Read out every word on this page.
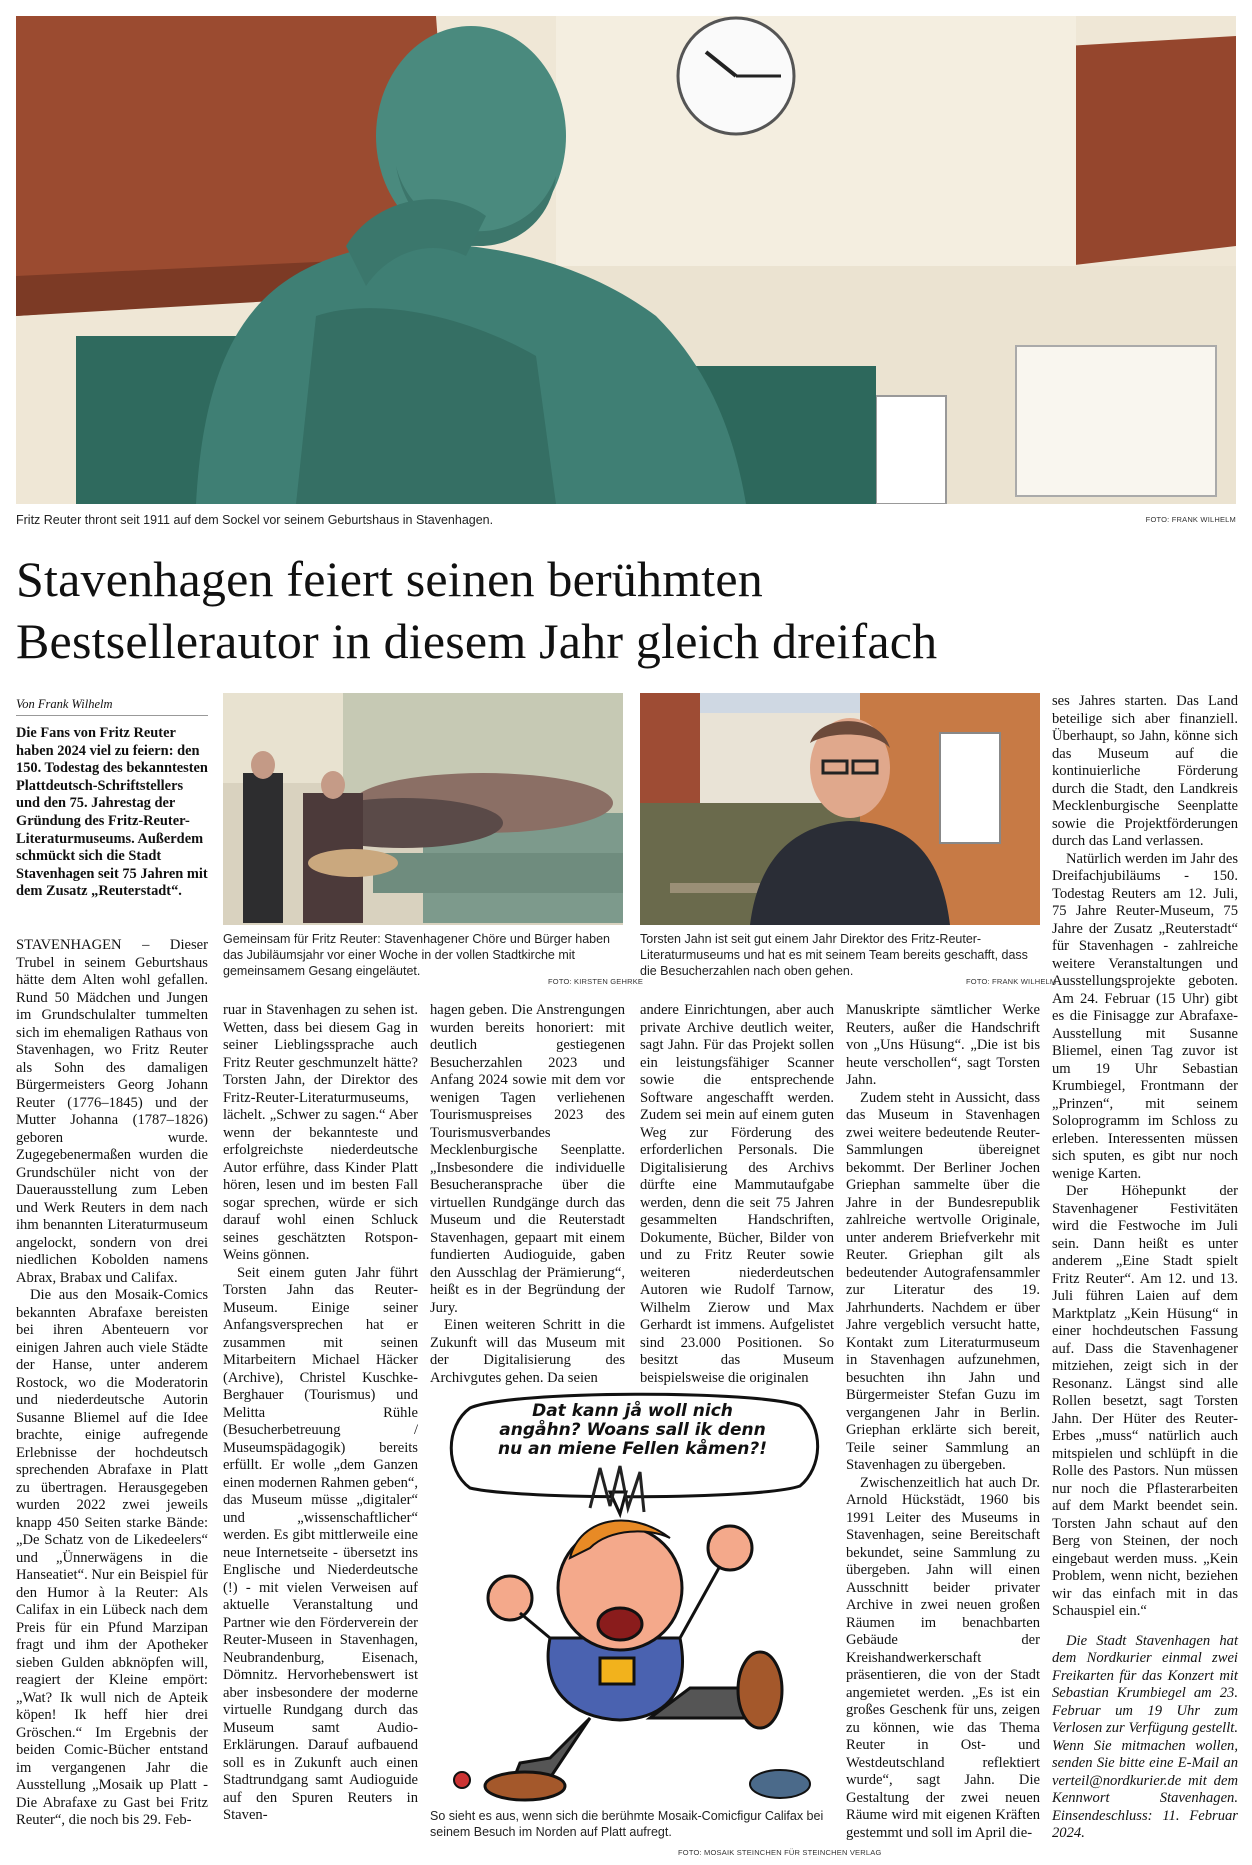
Fritz Reuter thront seit 1911 auf dem Sockel vor seinem Geburtshaus in Stavenhagen.	FOTO: FRANK WILHELM
Stavenhagen feiert seinen berühmten
Bestsellerautor in diesem Jahr gleich dreifach
Von Frank Wilhelm
Die Fans von Fritz Reuter haben 2024 viel zu feiern: den 150. Todestag des bekanntesten Plattdeutsch-Schriftstellers und den 75. Jahrestag der Gründung des Fritz-Reuter-Literaturmuseums. Außerdem schmückt sich die Stadt Stavenhagen seit 75 Jahren mit dem Zusatz „Reuterstadt“.
Gemeinsam für Fritz Reuter: Stavenhagener Chöre und Bürger haben das Jubiläumsjahr vor einer Woche in der vollen Stadtkirche mit gemeinsamem Gesang eingeläutet.
FOTO: KIRSTEN GEHRKE
Torsten Jahn ist seit gut einem Jahr Direktor des Fritz-Reuter-Literaturmuseums und hat es mit seinem Team bereits geschafft, dass die Besucherzahlen nach oben gehen.
FOTO: FRANK WILHELM

STAVENHAGEN – Dieser Trubel in seinem Geburtshaus hätte dem Alten wohl gefallen. Rund 50 Mädchen und Jungen im Grundschulalter tummelten sich im ehemaligen Rathaus von Stavenhagen, wo Fritz Reuter als Sohn des damaligen Bürgermeisters Georg Johann Reuter (1776–1845) und der Mutter Johanna (1787–1826) geboren wurde. Zugegebenermaßen wurden die Grundschüler nicht von der Dauerausstellung zum Leben und Werk Reuters in dem nach ihm benannten Literaturmuseum angelockt, sondern von drei niedlichen Kobolden namens Abrax, Brabax und Califax.

Die aus den Mosaik-Comics bekannten Abrafaxe bereisten bei ihren Abenteuern vor einigen Jahren auch viele Städte der Hanse, unter anderem Rostock, wo die Moderatorin und niederdeutsche Autorin Susanne Bliemel auf die Idee brachte, einige aufregende Erlebnisse der hochdeutsch sprechenden Abrafaxe in Platt zu übertragen. Herausgegeben wurden 2022 zwei jeweils knapp 450 Seiten starke Bände: „De Schatz von de Likedeelers“ und „Ünnerwägens in die Hanseatiet“. Nur ein Beispiel für den Humor à la Reuter: Als Califax in ein Lübeck nach dem Preis für ein Pfund Marzipan fragt und ihm der Apotheker sieben Gulden abknöpfen will, reagiert der Kleine empört: „Wat? Ik wull nich de Apteik köpen! Ik heff hier drei Gröschen.“ Im Ergebnis der beiden Comic-Bücher entstand im vergangenen Jahr die Ausstellung „Mosaik up Platt - Die Abrafaxe zu Gast bei Fritz Reuter“, die noch bis 29. Feb-

ruar in Stavenhagen zu sehen ist. Wetten, dass bei diesem Gag in seiner Lieblingssprache auch Fritz Reuter geschmunzelt hätte? Torsten Jahn, der Direktor des Fritz-Reuter-Literaturmuseums, lächelt. „Schwer zu sagen.“ Aber wenn der bekannteste und erfolgreichste niederdeutsche Autor erführe, dass Kinder Platt hören, lesen und im besten Fall sogar sprechen, würde er sich darauf wohl einen Schluck seines geschätzten Rotspon-Weins gönnen.

Seit einem guten Jahr führt Torsten Jahn das Reuter-Museum. Einige seiner Anfangsversprechen hat er zusammen mit seinen Mitarbeitern Michael Häcker (Archive), Christel Kuschke-Berghauer (Tourismus) und Melitta Rühle (Besucherbetreuung / Museumspädagogik) bereits erfüllt. Er wolle „dem Ganzen einen modernen Rahmen geben“, das Museum müsse „digitaler“ und „wissenschaftlicher“ werden. Es gibt mittlerweile eine neue Internetseite - übersetzt ins Englische und Niederdeutsche (!) - mit vielen Verweisen auf aktuelle Veranstaltung und Partner wie den Förderverein der Reuter-Museen in Stavenhagen, Neubrandenburg, Eisenach, Dömnitz. Hervorhebenswert ist aber insbesondere der moderne virtuelle Rundgang durch das Museum samt Audio-Erklärungen. Darauf aufbauend soll es in Zukunft auch einen Stadtrundgang samt Audioguide auf den Spuren Reuters in Staven-

hagen geben. Die Anstrengungen wurden bereits honoriert: mit deutlich gestiegenen Besucherzahlen 2023 und Anfang 2024 sowie mit dem vor wenigen Tagen verliehenen Tourismuspreises 2023 des Tourismusverbandes Mecklenburgische Seenplatte. „Insbesondere die individuelle Besucheransprache über die virtuellen Rundgänge durch das Museum und die Reuterstadt Stavenhagen, gepaart mit einem fundierten Audioguide, gaben den Ausschlag der Prämierung“, heißt es in der Begründung der Jury.

Einen weiteren Schritt in die Zukunft will das Museum mit der Digitalisierung des Archivgutes gehen. Da seien

andere Einrichtungen, aber auch private Archive deutlich weiter, sagt Jahn. Für das Projekt sollen ein leistungsfähiger Scanner sowie die entsprechende Software angeschafft werden. Zudem sei mein auf einem guten Weg zur Förderung des erforderlichen Personals. Die Digitalisierung des Archivs dürfte eine Mammutaufgabe werden, denn die seit 75 Jahren gesammelten Handschriften, Dokumente, Bücher, Bilder von und zu Fritz Reuter sowie weiteren niederdeutschen Autoren wie Rudolf Tarnow, Wilhelm Zierow und Max Gerhardt ist immens. Aufgelistet sind 23.000 Positionen. So besitzt das Museum beispielsweise die originalen

Manuskripte sämtlicher Werke Reuters, außer die Handschrift von „Uns Hüsung“. „Die ist bis heute verschollen“, sagt Torsten Jahn.

Zudem steht in Aussicht, dass das Museum in Stavenhagen zwei weitere bedeutende Reuter-Sammlungen übereignet bekommt. Der Berliner Jochen Griephan sammelte über die Jahre in der Bundesrepublik zahlreiche wertvolle Originale, unter anderem Briefverkehr mit Reuter. Griephan gilt als bedeutender Autografensammler zur Literatur des 19. Jahrhunderts. Nachdem er über Jahre vergeblich versucht hatte, Kontakt zum Literaturmuseum in Stavenhagen aufzunehmen, besuchten ihn Jahn und Bürgermeister Stefan Guzu im vergangenen Jahr in Berlin. Griephan erklärte sich bereit, Teile seiner Sammlung an Stavenhagen zu übergeben.

Zwischenzeitlich hat auch Dr. Arnold Hückstädt, 1960 bis 1991 Leiter des Museums in Stavenhagen, seine Bereitschaft bekundet, seine Sammlung zu übergeben. Jahn will einen Ausschnitt beider privater Archive in zwei neuen großen Räumen im benachbarten Gebäude der Kreishandwerkerschaft präsentieren, die von der Stadt angemietet werden. „Es ist ein großes Geschenk für uns, zeigen zu können, wie das Thema Reuter in Ost- und Westdeutschland reflektiert wurde“, sagt Jahn. Die Gestaltung der zwei neuen Räume wird mit eigenen Kräften gestemmt und soll im April die-

ses Jahres starten. Das Land beteilige sich aber finanziell. Überhaupt, so Jahn, könne sich das Museum auf die kontinuierliche Förderung durch die Stadt, den Landkreis Mecklenburgische Seenplatte sowie die Projektförderungen durch das Land verlassen.

Natürlich werden im Jahr des Dreifachjubiläums - 150. Todestag Reuters am 12. Juli, 75 Jahre Reuter-Museum, 75 Jahre der Zusatz „Reuterstadt“ für Stavenhagen - zahlreiche weitere Veranstaltungen und Ausstellungsprojekte geboten. Am 24. Februar (15 Uhr) gibt es die Finisagge zur Abrafaxe-Ausstellung mit Susanne Bliemel, einen Tag zuvor ist um 19 Uhr Sebastian Krumbiegel, Frontmann der „Prinzen“, mit seinem Soloprogramm im Schloss zu erleben. Interessenten müssen sich sputen, es gibt nur noch wenige Karten.

Der Höhepunkt der Stavenhagener Festivitäten wird die Festwoche im Juli sein. Dann heißt es unter anderem „Eine Stadt spielt Fritz Reuter“. Am 12. und 13. Juli führen Laien auf dem Marktplatz „Kein Hüsung“ in einer hochdeutschen Fassung auf. Dass die Stavenhagener mitziehen, zeigt sich in der Resonanz. Längst sind alle Rollen besetzt, sagt Torsten Jahn. Der Hüter des Reuter-Erbes „muss“ natürlich auch mitspielen und schlüpft in die Rolle des Pastors. Nun müssen nur noch die Pflasterarbeiten auf dem Markt beendet sein. Torsten Jahn schaut auf den Berg von Steinen, der noch eingebaut werden muss. „Kein Problem, wenn nicht, beziehen wir das einfach mit in das Schauspiel ein.“

Die Stadt Stavenhagen hat dem Nordkurier einmal zwei Freikarten für das Konzert mit Sebastian Krumbiegel am 23. Februar um 19 Uhr zum Verlosen zur Verfügung gestellt. Wenn Sie mitmachen wollen, senden Sie bitte eine E-Mail an verteil@nordkurier.de mit dem Kennwort Stavenhagen. Einsendeschluss: 11. Februar 2024.

Dat kann jå woll nich angåhn? Woans sall ik denn nu an miene Fellen kåmen?!
So sieht es aus, wenn sich die berühmte Mosaik-Comicfigur Califax bei seinem Besuch im Norden auf Platt aufregt.
FOTO: MOSAIK STEINCHEN FÜR STEINCHEN VERLAG
